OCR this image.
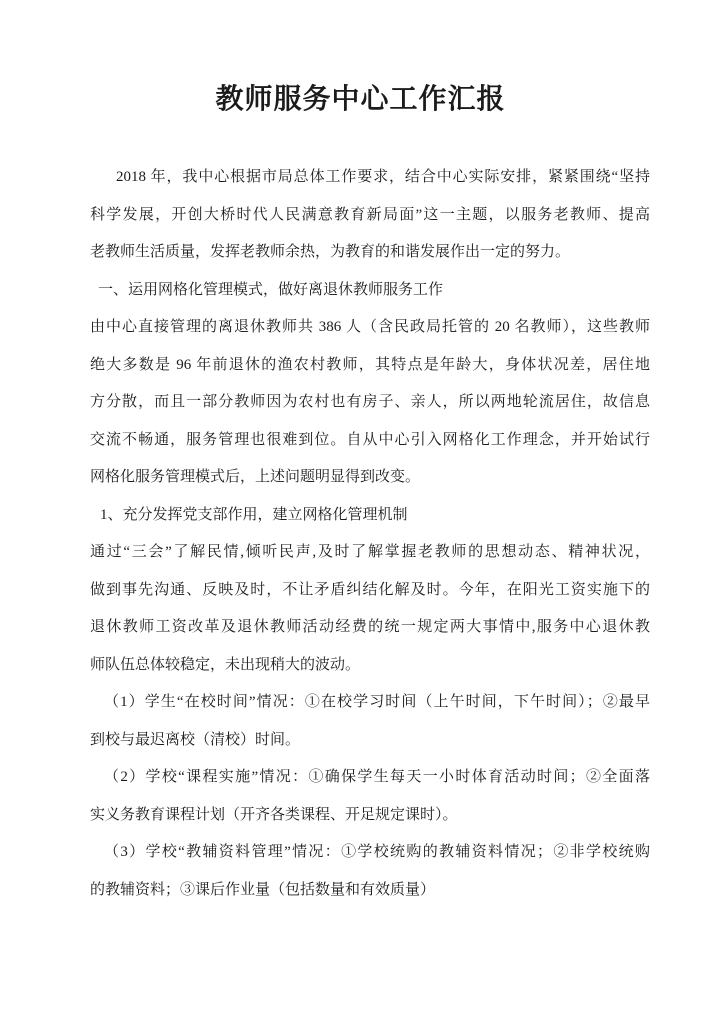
教师服务中心工作汇报
2018 年，我中心根据市局总体工作要求，结合中心实际安排，紧紧围绕“坚持
科学发展，开创大桥时代人民满意教育新局面”这一主题，以服务老教师、提高
老教师生活质量，发挥老教师余热，为教育的和谐发展作出一定的努力。
一、运用网格化管理模式，做好离退休教师服务工作
由中心直接管理的离退休教师共 386 人（含民政局托管的 20 名教师），这些教师
绝大多数是 96 年前退休的渔农村教师，其特点是年龄大，身体状况差，居住地
方分散，而且一部分教师因为农村也有房子、亲人，所以两地轮流居住，故信息
交流不畅通，服务管理也很难到位。自从中心引入网格化工作理念，并开始试行
网格化服务管理模式后，上述问题明显得到改变。
1、充分发挥党支部作用，建立网格化管理机制
通过“三会”了解民情,倾听民声,及时了解掌握老教师的思想动态、精神状况，
做到事先沟通、反映及时，不让矛盾纠结化解及时。今年，在阳光工资实施下的
退休教师工资改革及退休教师活动经费的统一规定两大事情中,服务中心退休教
师队伍总体较稳定，未出现稍大的波动。
（1）学生“在校时间”情况：①在校学习时间（上午时间，下午时间）；②最早
到校与最迟离校（清校）时间。
（2）学校“课程实施”情况：①确保学生每天一小时体育活动时间；②全面落
实义务教育课程计划（开齐各类课程、开足规定课时）。
（3）学校“教辅资料管理”情况：①学校统购的教辅资料情况；②非学校统购
的教辅资料；③课后作业量（包括数量和有效质量）
